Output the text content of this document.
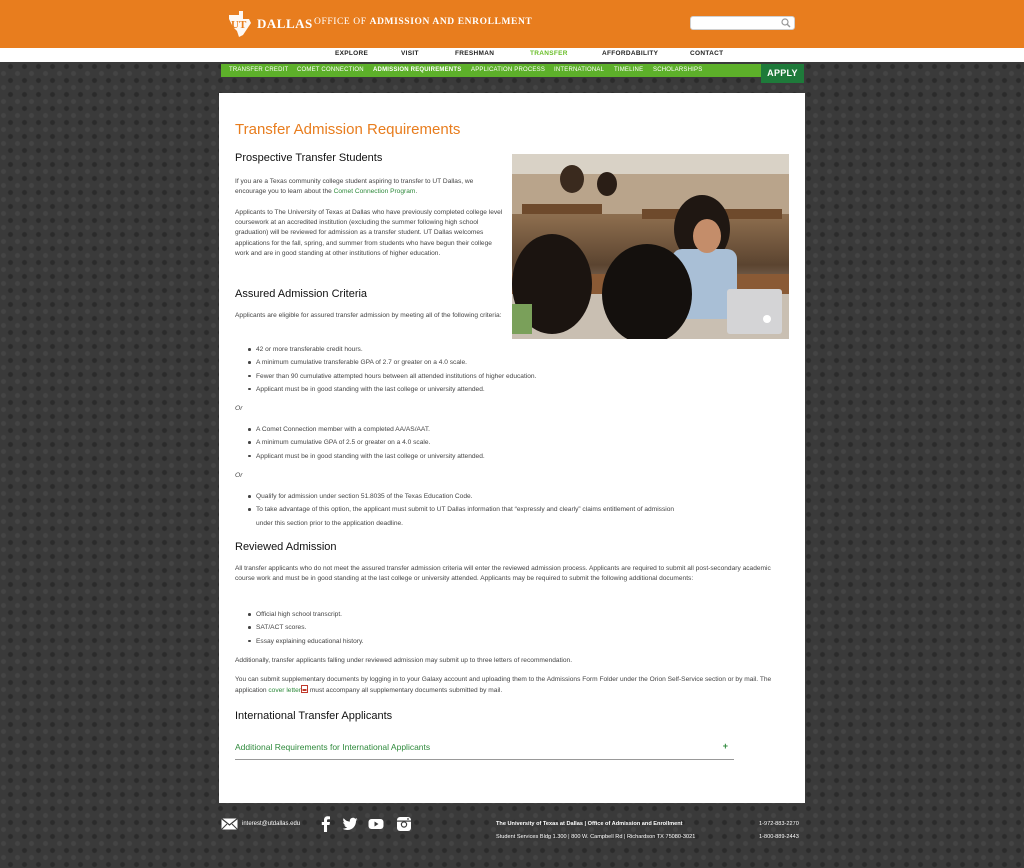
UT DALLAS OFFICE OF ADMISSION AND ENROLLMENT
EXPLORE	VISIT	FRESHMAN	TRANSFER	AFFORDABILITY	CONTACT
TRANSFER CREDIT COMET CONNECTION ADMISSION REQUIREMENTS APPLICATION PROCESS INTERNATIONAL TIMELINE SCHOLARSHIPS	APPLY
Transfer Admission Requirements
Prospective Transfer Students
If you are a Texas community college student aspiring to transfer to UT Dallas, we encourage you to learn about the Comet Connection Program.
Applicants to The University of Texas at Dallas who have previously completed college level coursework at an accredited institution (excluding the summer following high school graduation) will be reviewed for admission as a transfer student. UT Dallas welcomes applications for the fall, spring, and summer from students who have begun their college work and are in good standing at other institutions of higher education.
Assured Admission Criteria
Applicants are eligible for assured transfer admission by meeting all of the following criteria:
42 or more transferable credit hours.
A minimum cumulative transferable GPA of 2.7 or greater on a 4.0 scale.
Fewer than 90 cumulative attempted hours between all attended institutions of higher education.
Applicant must be in good standing with the last college or university attended.
Or
A Comet Connection member with a completed AA/AS/AAT.
A minimum cumulative GPA of 2.5 or greater on a 4.0 scale.
Applicant must be in good standing with the last college or university attended.
Or
Qualify for admission under section 51.8035 of the Texas Education Code.
To take advantage of this option, the applicant must submit to UT Dallas information that “expressly and clearly” claims entitlement of admission
under this section prior to the application deadline.
Reviewed Admission
All transfer applicants who do not meet the assured transfer admission criteria will enter the reviewed admission process. Applicants are required to submit all post-secondary academic course work and must be in good standing at the last college or university attended. Applicants may be required to submit the following additional documents:
Official high school transcript.
SAT/ACT scores.
Essay explaining educational history.
Additionally, transfer applicants falling under reviewed admission may submit up to three letters of recommendation.
You can submit supplementary documents by logging in to your Galaxy account and uploading them to the Admissions Form Folder under the Orion Self-Service section or by mail. The application cover letter must accompany all supplementary documents submitted by mail.
International Transfer Applicants
Additional Requirements for International Applicants	+
interest@utdallas.edu	The University of Texas at Dallas | Office of Admission and Enrollment
Student Services Bldg 1.300 | 800 W. Campbell Rd | Richardson TX 75080-3021
1-972-883-2270
1-800-889-2443
